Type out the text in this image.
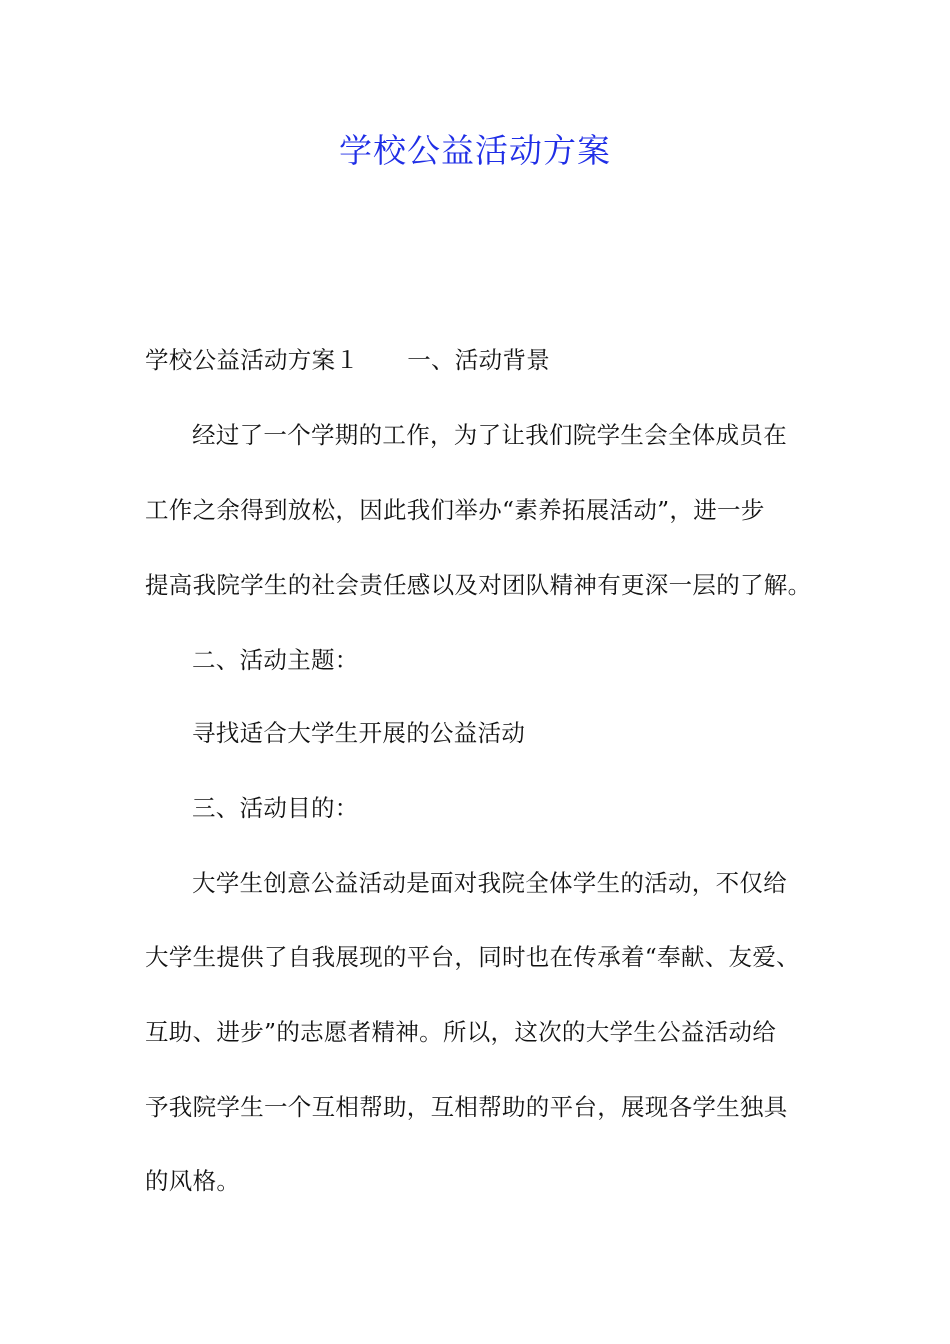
学校公益活动方案
学校公益活动方案１ 一、活动背景
经过了一个学期的工作，为了让我们院学生会全体成员在
工作之余得到放松，因此我们举办“素养拓展活动”，进一步
提高我院学生的社会责任感以及对团队精神有更深一层的了解。
二、活动主题：
寻找适合大学生开展的公益活动
三、活动目的：
大学生创意公益活动是面对我院全体学生的活动，不仅给
大学生提供了自我展现的平台，同时也在传承着“奉献、友爱、
互助、进步”的志愿者精神。所以，这次的大学生公益活动给
予我院学生一个互相帮助，互相帮助的平台，展现各学生独具
的风格。
